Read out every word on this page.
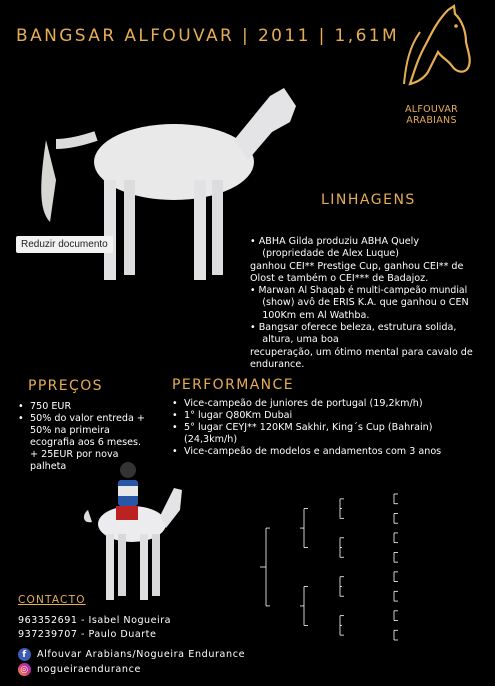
BANGSAR ALFOUVAR | 2011 | 1,61M
ALFOUVAR ARABIANS
Reduzir documento
LINHAGENS

• ABHA Gilda produziu ABHA Quely

(propriedade de Alex Luque)

ganhou CEI** Prestige Cup, ganhou CEI** de

Olost e também o CEI*** de Badajoz.

• Marwan Al Shaqab é multi-campeão mundial

(show) avô de ERIS K.A. que ganhou o CEN

100Km em Al Wathba.

• Bangsar oferece beleza, estrutura solida,

altura, uma boa

recuperação, um ótimo mental para cavalo de

endurance.

PPREÇOS
• 750 EUR
• 50% do valor entreda + 50% na primeira ecografia aos 6 meses. + 25EUR por nova palheta
PERFORMANCE
• Vice-campeão de juniores de portugal (19,2km/h)
• 1° lugar Q80Km Dubai
• 5° lugar CEYJ** 120KM Sakhir, King´s Cup (Bahrain) (24,3km/h)
• Vice-campeão de modelos e andamentos com 3 anos
Bangsar Alfouvar
ABHA Peshawar
ABHA Padzahar
Marwan Al-Shaqab
ZT Ludjkalba
Faez El Nahr
ABHA Gilda
Gazal Al-Shaqab
Little Liza Fame
Ludjin El Jamaal
ZT Shakalba
Nyhl El Jamaal
Fadlara El Jamaal
El Perfecto
ABHA Djezire
Anaza El Farid
Kajora
Fame VF
Katahza
Ali Jamaal
Lydira El Shaklan
El Shaklan
Countess Alba
Ali Jamaal
Naharra
Ali Jamaal
Sids Fadilla
Vallehermoso
Example
An Malik
ABHA Hamir
CONTACTO
963352691 - Isabel Nogueira
937239707 - Paulo Duarte
f	Alfouvar Arabians/Nogueira Endurance
◎ nogueiraendurance
